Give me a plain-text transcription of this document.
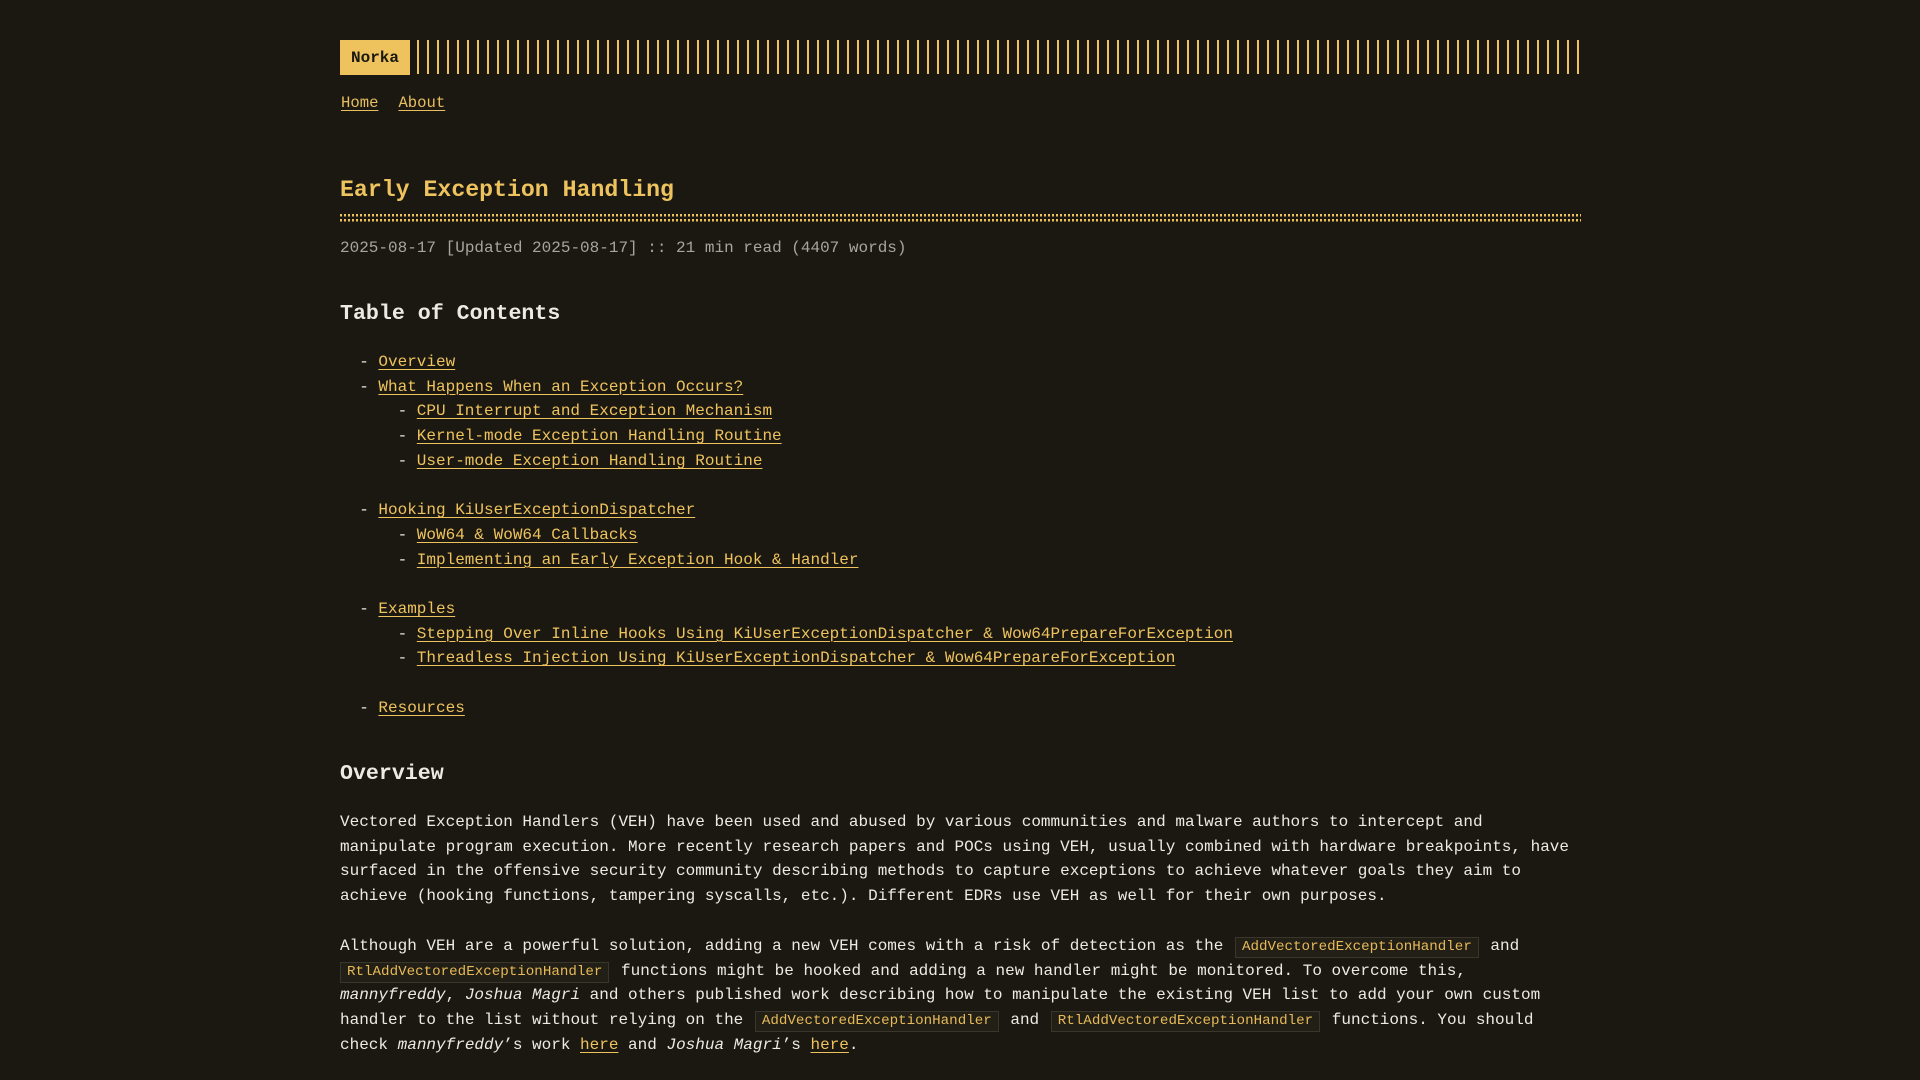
Norka
Home About
Early Exception Handling
2025-08-17 [Updated 2025-08-17] :: 21 min read (4407 words)
Table of Contents
- Overview
- What Happens When an Exception Occurs?
- CPU Interrupt and Exception Mechanism
- Kernel-mode Exception Handling Routine
- User-mode Exception Handling Routine
- Hooking KiUserExceptionDispatcher
- WoW64 & WoW64 Callbacks
- Implementing an Early Exception Hook & Handler
- Examples
- Stepping Over Inline Hooks Using KiUserExceptionDispatcher & Wow64PrepareForException
- Threadless Injection Using KiUserExceptionDispatcher & Wow64PrepareForException
- Resources
Overview

Vectored Exception Handlers (VEH) have been used and abused by various communities and malware authors to intercept and
manipulate program execution. More recently research papers and POCs using VEH, usually combined with hardware breakpoints, have
surfaced in the offensive security community describing methods to capture exceptions to achieve whatever goals they aim to
achieve (hooking functions, tampering syscalls, etc.). Different EDRs use VEH as well for their own purposes.

Although VEH are a powerful solution, adding a new VEH comes with a risk of detection as the AddVectoredExceptionHandler and
RtlAddVectoredExceptionHandler functions might be hooked and adding a new handler might be monitored. To overcome this,
mannyfreddy, Joshua Magri and others published work describing how to manipulate the existing VEH list to add your own custom
handler to the list without relying on the AddVectoredExceptionHandler and RtlAddVectoredExceptionHandler functions. You should
check mannyfreddy’s work here and Joshua Magri’s here.
